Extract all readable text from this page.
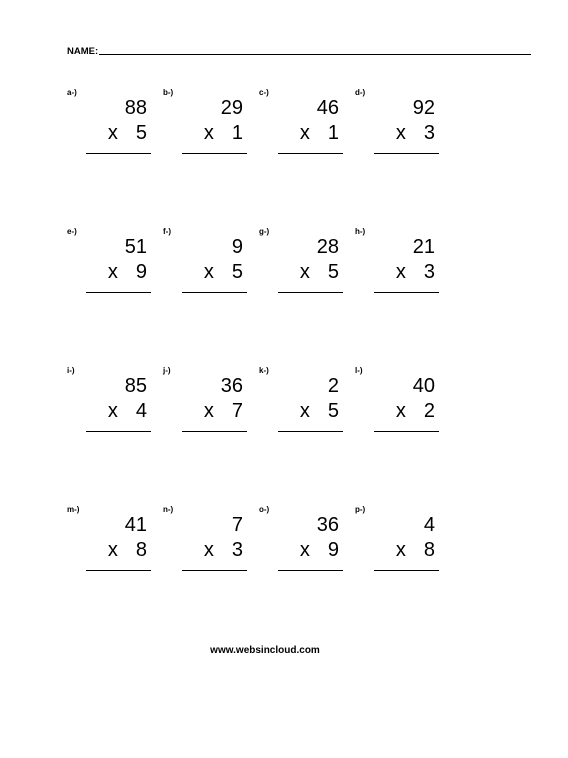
NAME:
a-)
88
x 5
b-)
29
x 1
c-)
46
x 1
d-)
92
x 3
e-)
51
x 9
f-)
9
x 5
g-)
28
x 5
h-)
21
x 3
i-)
85
x 4
j-)
36
x 7
k-)
2
x 5
l-)
40
x 2
m-)
41
x 8
n-)
7
x 3
o-)
36
x 9
p-)
4
x 8
www.websincloud.com
